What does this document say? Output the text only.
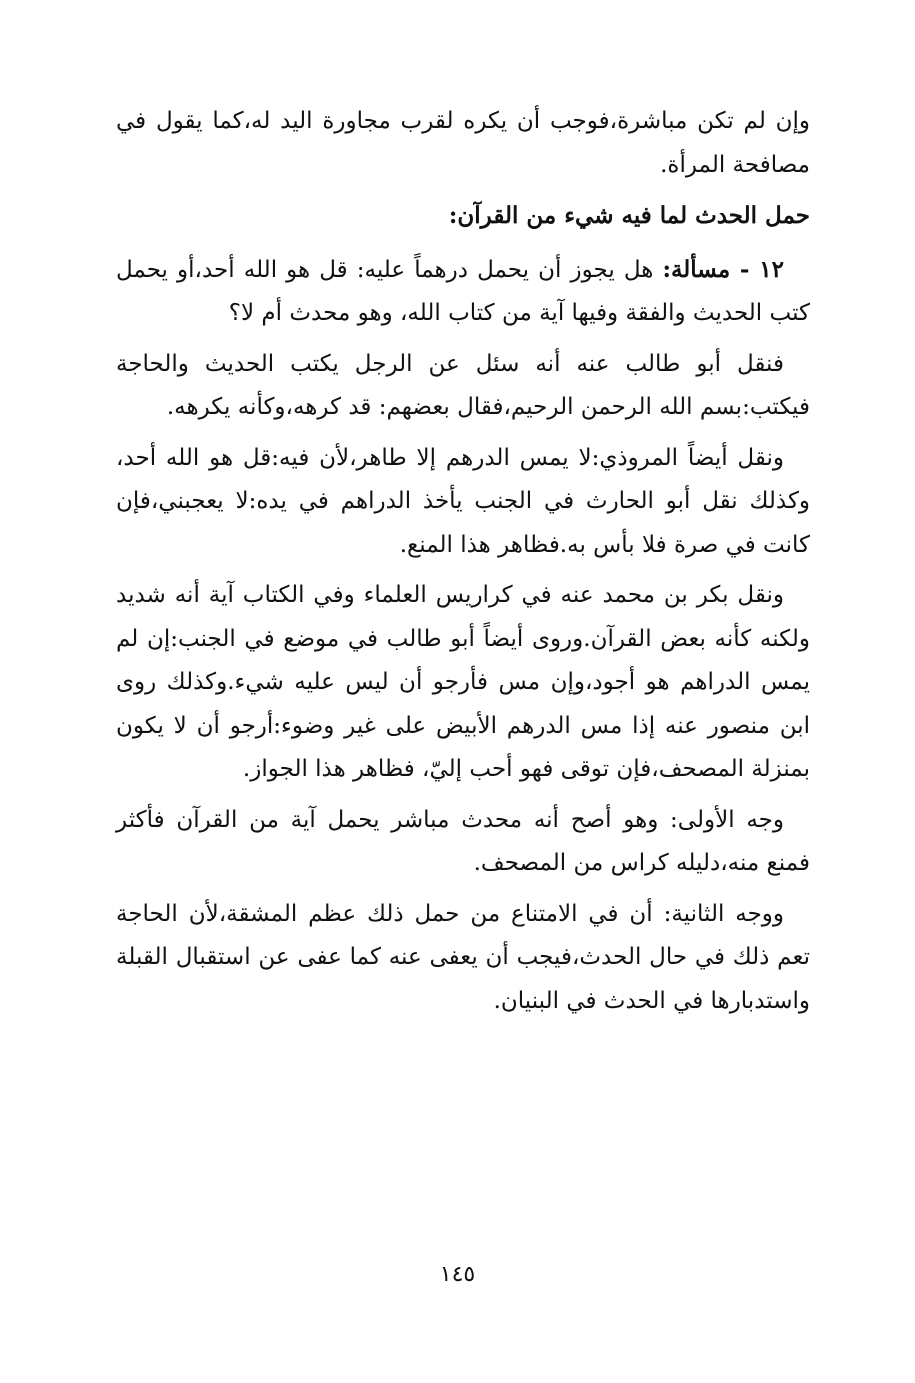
وإن لم تكن مباشرة،فوجب أن يكره لقرب مجاورة اليد له،كما يقول في مصافحة المرأة.

حمل الحدث لما فيه شيء من القرآن:

١٢ - مسألة: هل يجوز أن يحمل درهماً عليه: قل هو الله أحد،أو يحمل كتب الحديث والفقة وفيها آية من كتاب الله، وهو محدث أم لا؟

فنقل أبو طالب عنه أنه سئل عن الرجل يكتب الحديث والحاجة فيكتب:بسم الله الرحمن الرحيم،فقال بعضهم: قد كرهه،وكأنه يكرهه.

ونقل أيضاً المروذي:لا يمس الدرهم إلا طاهر،لأن فيه:قل هو الله أحد، وكذلك نقل أبو الحارث في الجنب يأخذ الدراهم في يده:لا يعجبني،فإن كانت في صرة فلا بأس به.فظاهر هذا المنع.

ونقل بكر بن محمد عنه في كراريس العلماء وفي الكتاب آية أنه شديد ولكنه كأنه بعض القرآن.وروى أيضاً أبو طالب في موضع في الجنب:إن لم يمس الدراهم هو أجود،وإن مس فأرجو أن ليس عليه شيء.وكذلك روى ابن منصور عنه إذا مس الدرهم الأبيض على غير وضوء:أرجو أن لا يكون بمنزلة المصحف،فإن توقى فهو أحب إليّ، فظاهر هذا الجواز.

وجه الأولى: وهو أصح أنه محدث مباشر يحمل آية من القرآن فأكثر فمنع منه،دليله كراس من المصحف.

ووجه الثانية: أن في الامتناع من حمل ذلك عظم المشقة،لأن الحاجة تعم ذلك في حال الحدث،فيجب أن يعفى عنه كما عفى عن استقبال القبلة واستدبارها في الحدث في البنيان.

١٤٥
